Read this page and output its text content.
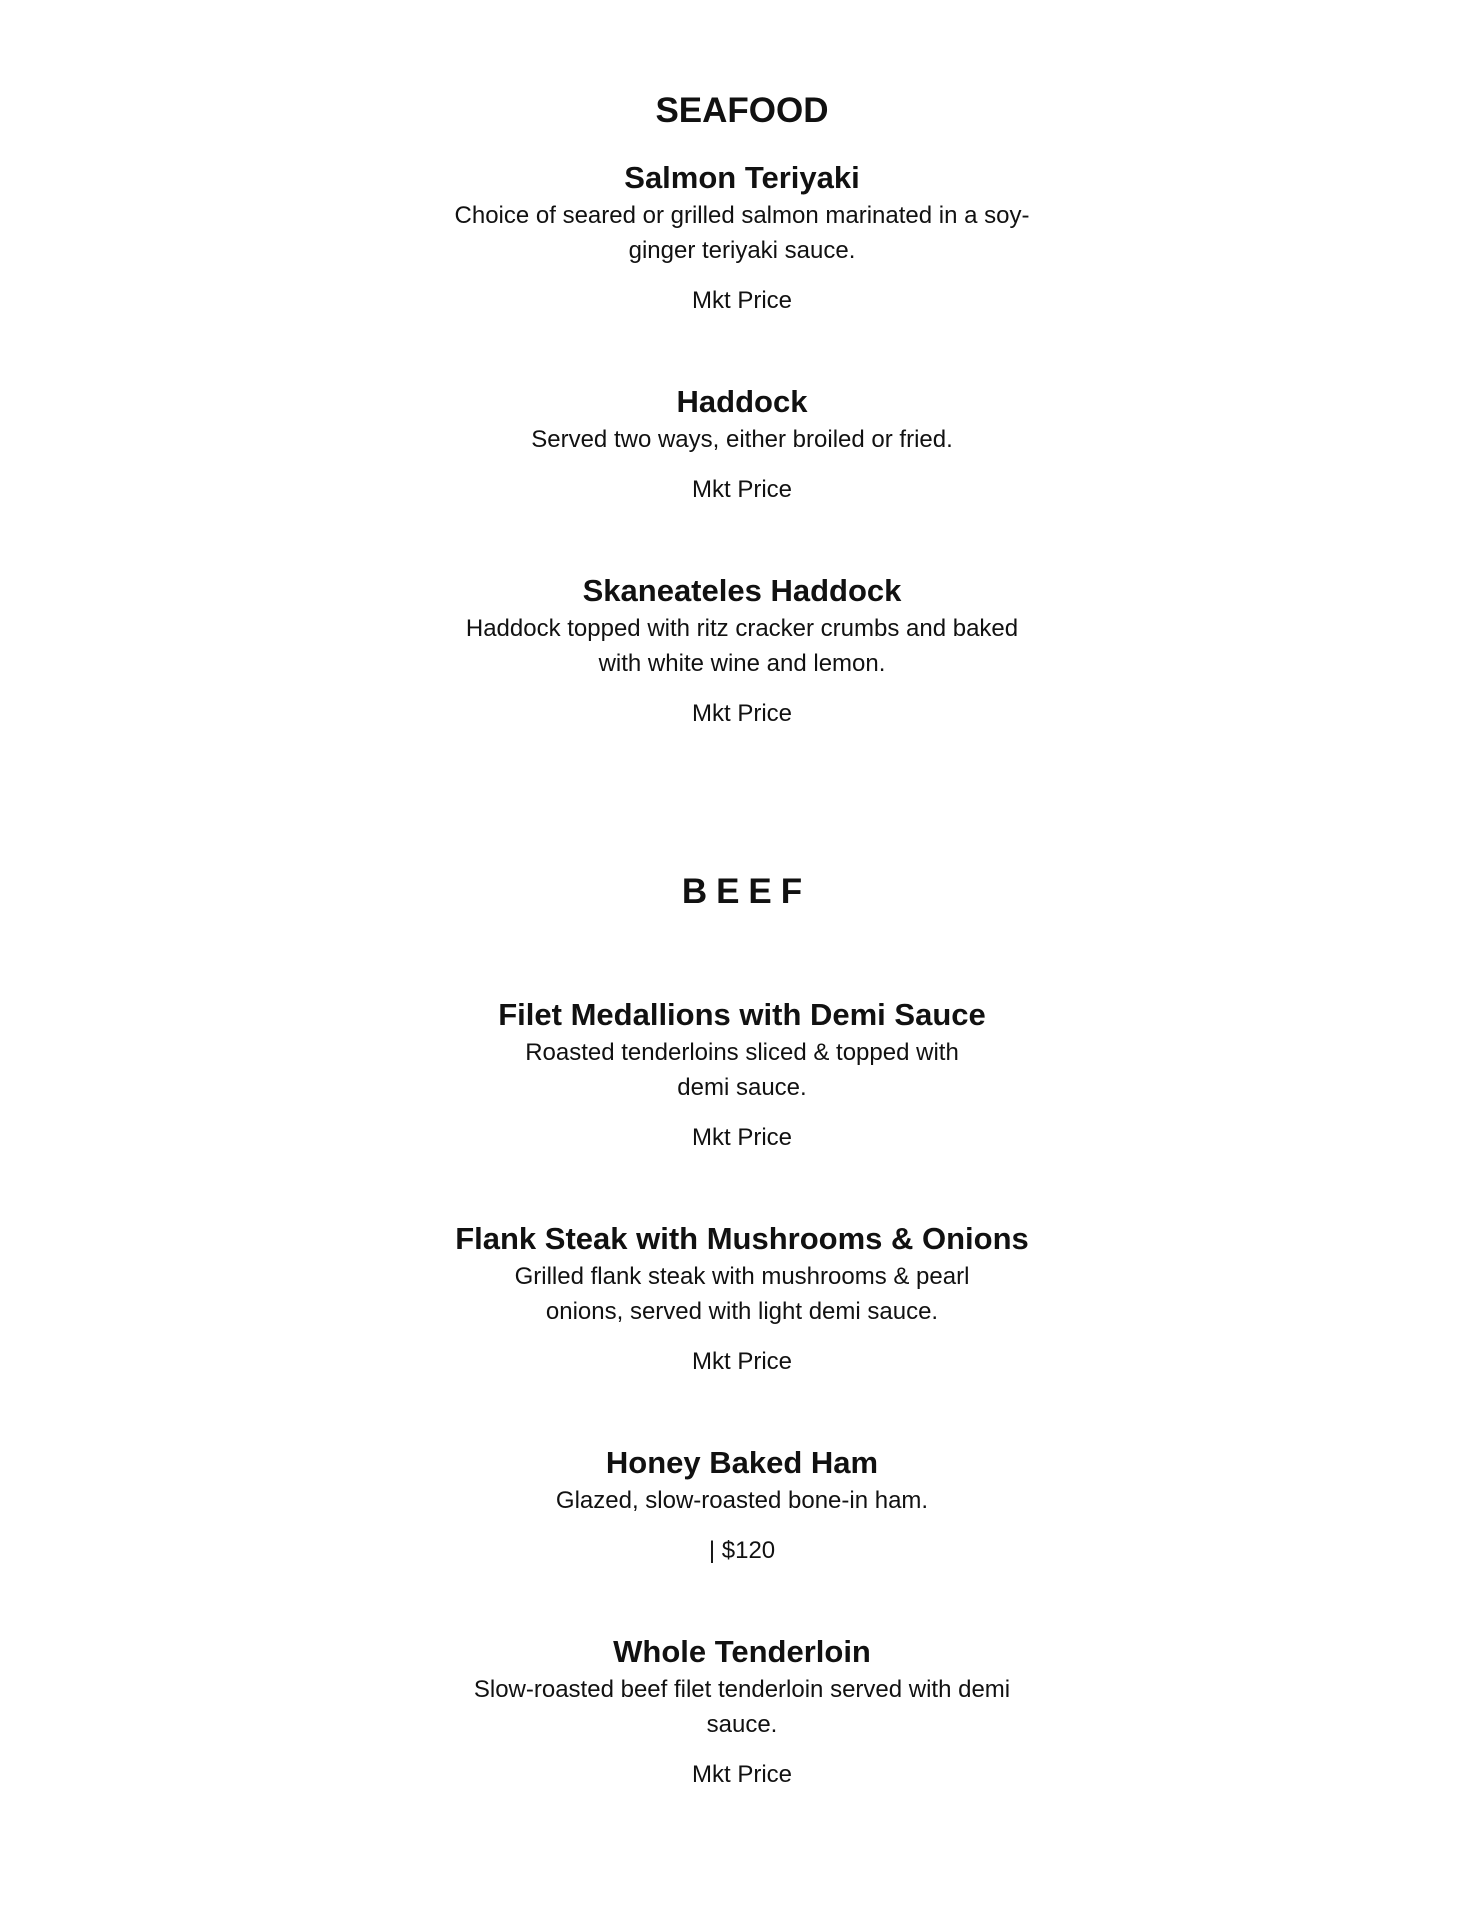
SEAFOOD
Salmon Teriyaki

Choice of seared or grilled salmon marinated in a soy-ginger teriyaki sauce.

Mkt Price

Haddock

Served two ways, either broiled or fried.

Mkt Price

Skaneateles Haddock

Haddock topped with ritz cracker crumbs and baked with white wine and lemon.

Mkt Price

BEEF
Filet Medallions with Demi Sauce

Roasted tenderloins sliced & topped with demi sauce.

Mkt Price

Flank Steak with Mushrooms & Onions

Grilled flank steak with mushrooms & pearl onions, served with light demi sauce.

Mkt Price

Honey Baked Ham

Glazed, slow-roasted bone-in ham.

| $120

Whole Tenderloin

Slow-roasted beef filet tenderloin served with demi sauce.

Mkt Price
